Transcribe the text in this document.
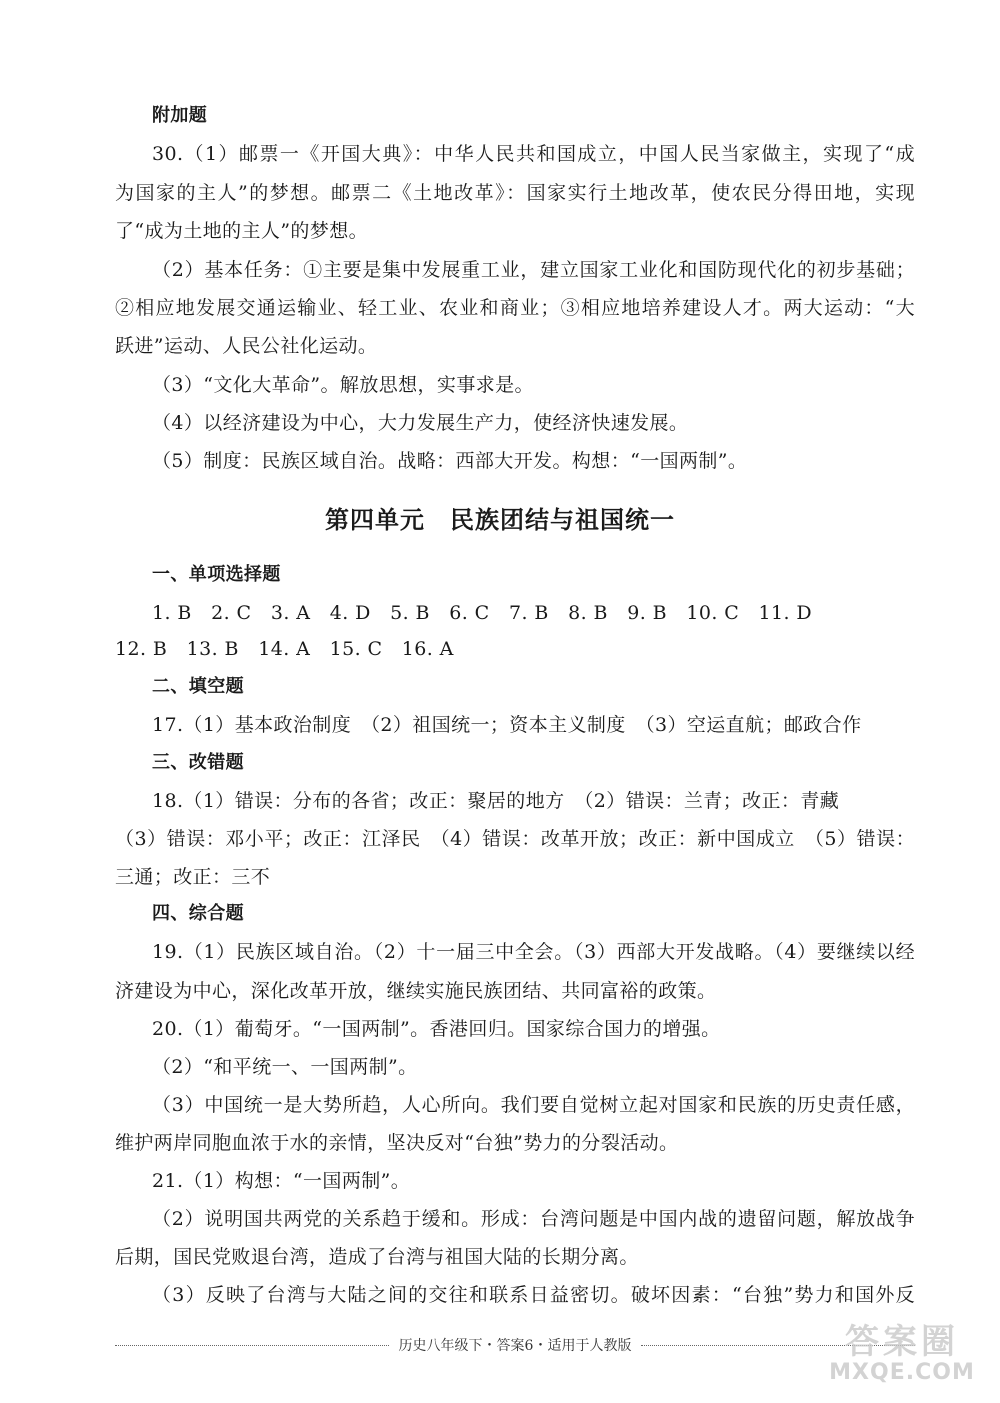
附加题
30.（1）邮票一《开国大典》：中华人民共和国成立，中国人民当家做主，实现了“成
为国家的主人”的梦想。邮票二《土地改革》：国家实行土地改革，使农民分得田地，实现
了“成为土地的主人”的梦想。
（2）基本任务：①主要是集中发展重工业，建立国家工业化和国防现代化的初步基础；
②相应地发展交通运输业、轻工业、农业和商业；③相应地培养建设人才。两大运动：“大
跃进”运动、人民公社化运动。
（3）“文化大革命”。解放思想，实事求是。
（4）以经济建设为中心，大力发展生产力，使经济快速发展。
（5）制度：民族区域自治。战略：西部大开发。构想：“一国两制”。
第四单元　民族团结与祖国统一
一、单项选择题
1. B　2. C　3. A　4. D　5. B　6. C　7. B　8. B　9. B　10. C　11. D
12. B　13. B　14. A　15. C　16. A
二、填空题
17.（1）基本政治制度　（2）祖国统一；资本主义制度　（3）空运直航；邮政合作
三、改错题
18.（1）错误：分布的各省；改正：聚居的地方　（2）错误：兰青；改正：青藏
（3）错误：邓小平；改正：江泽民　（4）错误：改革开放；改正：新中国成立　（5）错误：
三通；改正：三不
四、综合题
19.（1）民族区域自治。（2）十一届三中全会。（3）西部大开发战略。（4）要继续以经
济建设为中心，深化改革开放，继续实施民族团结、共同富裕的政策。
20.（1）葡萄牙。“一国两制”。香港回归。国家综合国力的增强。
（2）“和平统一、一国两制”。
（3）中国统一是大势所趋，人心所向。我们要自觉树立起对国家和民族的历史责任感，
维护两岸同胞血浓于水的亲情，坚决反对“台独”势力的分裂活动。
21.（1）构想：“一国两制”。
（2）说明国共两党的关系趋于缓和。形成：台湾问题是中国内战的遗留问题，解放战争
后期，国民党败退台湾，造成了台湾与祖国大陆的长期分离。
（3）反映了台湾与大陆之间的交往和联系日益密切。破坏因素：“台独”势力和国外反
历史八年级下・答案6・适用于人教版	答案圈
MXQE.COM
